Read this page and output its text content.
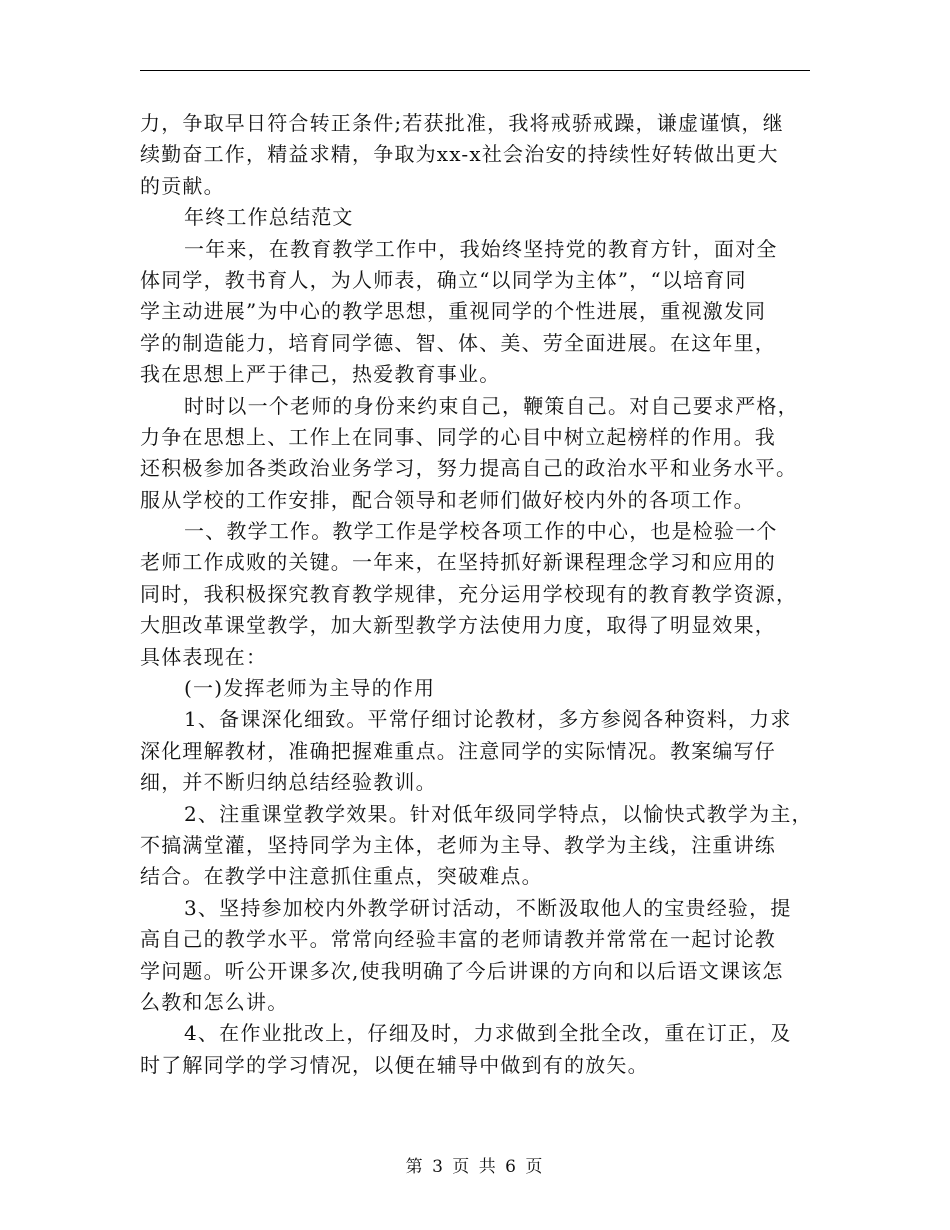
力，争取早日符合转正条件;若获批准，我将戒骄戒躁，谦虚谨慎，继
续勤奋工作，精益求精，争取为xx-x社会治安的持续性好转做出更大
的贡献。
年终工作总结范文
一年来，在教育教学工作中，我始终坚持党的教育方针，面对全
体同学，教书育人，为人师表，确立“以同学为主体”，“以培育同
学主动进展”为中心的教学思想，重视同学的个性进展，重视激发同
学的制造能力，培育同学德、智、体、美、劳全面进展。在这年里，
我在思想上严于律己，热爱教育事业。
时时以一个老师的身份来约束自己，鞭策自己。对自己要求严格，
力争在思想上、工作上在同事、同学的心目中树立起榜样的作用。我
还积极参加各类政治业务学习，努力提高自己的政治水平和业务水平。
服从学校的工作安排，配合领导和老师们做好校内外的各项工作。
一、教学工作。教学工作是学校各项工作的中心，也是检验一个
老师工作成败的关键。一年来，在坚持抓好新课程理念学习和应用的
同时，我积极探究教育教学规律，充分运用学校现有的教育教学资源，
大胆改革课堂教学，加大新型教学方法使用力度，取得了明显效果，
具体表现在：
(一)发挥老师为主导的作用
1、备课深化细致。平常仔细讨论教材，多方参阅各种资料，力求
深化理解教材，准确把握难重点。注意同学的实际情况。教案编写仔
细，并不断归纳总结经验教训。
2、注重课堂教学效果。针对低年级同学特点，以愉快式教学为主，
不搞满堂灌，坚持同学为主体，老师为主导、教学为主线，注重讲练
结合。在教学中注意抓住重点，突破难点。
3、坚持参加校内外教学研讨活动，不断汲取他人的宝贵经验，提
高自己的教学水平。常常向经验丰富的老师请教并常常在一起讨论教
学问题。听公开课多次,使我明确了今后讲课的方向和以后语文课该怎
么教和怎么讲。
4、在作业批改上，仔细及时，力求做到全批全改，重在订正，及
时了解同学的学习情况，以便在辅导中做到有的放矢。
第 3 页 共 6 页
